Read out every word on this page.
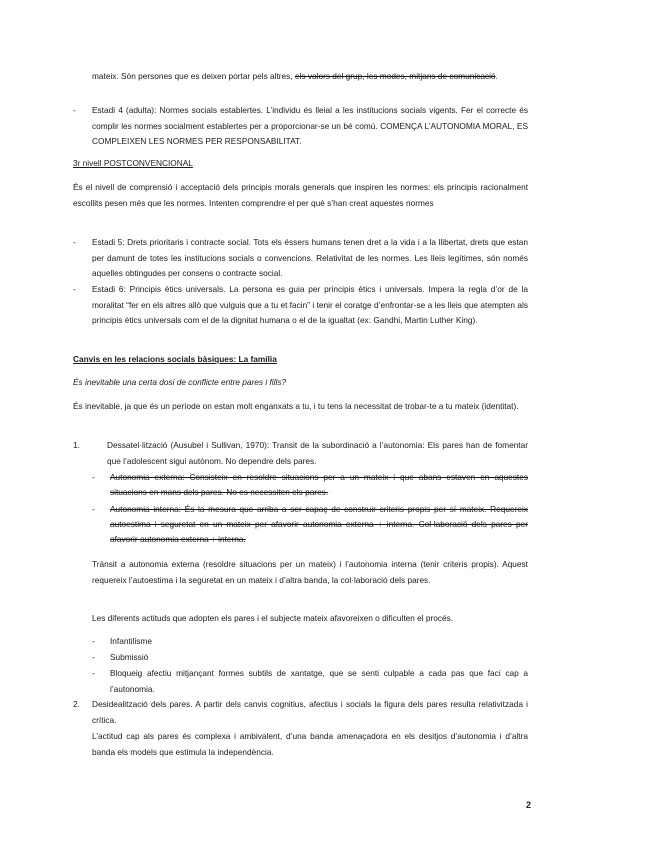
mateix. Són persones que es deixen portar pels altres, els valors del grup, les modes, mitjans de comunicació.
- Estadi 4 (adulta): Normes socials establertes. L’individu és lleial a les institucions socials vigents. Fer el correcte és complir les normes socialment establertes per a proporcionar-se un bé comú. COMENÇA L’AUTONOMIA MORAL, ES COMPLEIXEN LES NORMES PER RESPONSABILITAT.
3r nivell POSTCONVENCIONAL
És el nivell de comprensió i acceptació dels principis morals generals que inspiren les normes: els principis racionalment escollits pesen més que les normes. Intenten comprendre el per què s’han creat aquestes normes
- Estadi 5: Drets prioritaris i contracte social. Tots els éssers humans tenen dret a la vida i a la llibertat, drets que estan per damunt de totes les institucions socials o convencions. Relativitat de les normes. Les lleis legítimes, són només aquelles obtingudes per consens o contracte social.
- Estadi 6: Principis ètics universals. La persona es guia per principis ètics i universals. Impera la regla d’or de la moralitat “fer en els altres allò que vulguis que a tu et facin” i tenir el coratge d’enfrontar-se a les lleis que atempten als principis ètics universals com el de la dignitat humana o el de la igualtat (ex: Gandhi, Martin Luther King).
Canvis en les relacions socials bàsiques: La família
És inevitable una certa dosi de conflicte entre pares i fills?
És inevitable, ja que és un període on estan molt enganxats a tu, i tu tens la necessitat de trobar-te a tu mateix (identitat).
1.	Dessatel·lització (Ausubel i Sullivan, 1970): Transit de la subordinació a l’autonomia: Els pares han de fomentar que l’adolescent sigui autònom. No dependre dels pares.
- Autonomia externa: Consisteix en resoldre situacions per a un mateix i que abans estaven en aquestes situacions en mans dels pares. No es necessiten els pares.
- Autonomia interna: És la mesura que arriba a ser capaç de construir criteris propis per sí mateix. Requereix autoestima i seguretat en un mateix per afavorir autonomia externa + interna. Col·laboració dels pares per afavorir autonomia externa + interna.
Trànsit a autonomia externa (resoldre situacions per un mateix) i l’autonomia interna (tenir criteris propis). Aquest requereix l’autoestima i la seguretat en un mateix i d’altra banda, la col·laboració dels pares.
Les diferents actituds que adopten els pares i el subjecte mateix afavoreixen o dificulten el procés.
- Infantilisme
- Submissió
- Bloqueig afectiu mitjançant formes subtils de xantatge, que se senti culpable a cada pas que faci cap a l’autonomia.
2. Desidealització dels pares. A partir dels canvis cognitius, afectius i socials la figura dels pares resulta relativitzada i crítica.
L’actitud cap als pares és complexa i ambivalent, d’una banda amenaçadora en els desitjos d’autonomia i d’altra banda els models que estimula la independència.
2
